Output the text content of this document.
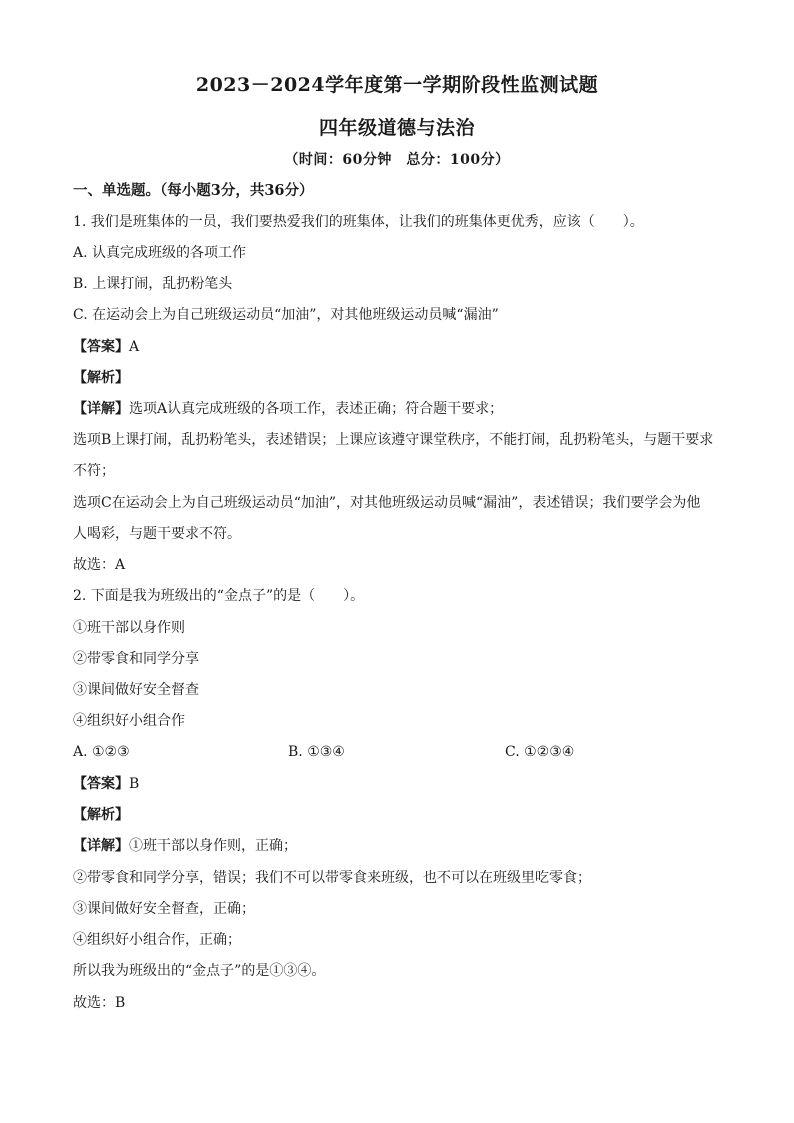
2023－2024学年度第一学期阶段性监测试题
四年级道德与法治
（时间：60分钟　总分：100分）
一、单选题。（每小题3分，共36分）
1. 我们是班集体的一员，我们要热爱我们的班集体，让我们的班集体更优秀，应该（　　）。
A. 认真完成班级的各项工作
B. 上课打闹，乱扔粉笔头
C. 在运动会上为自己班级运动员“加油”，对其他班级运动员喊“漏油”
【答案】A
【解析】
【详解】选项A认真完成班级的各项工作，表述正确；符合题干要求；
选项B上课打闹，乱扔粉笔头，表述错误；上课应该遵守课堂秩序，不能打闹，乱扔粉笔头，与题干要求
不符；
选项C在运动会上为自己班级运动员“加油”，对其他班级运动员喊“漏油”，表述错误；我们要学会为他
人喝彩，与题干要求不符。
故选：A
2. 下面是我为班级出的“金点子”的是（　　）。
①班干部以身作则
②带零食和同学分享
③课间做好安全督查
④组织好小组合作
A. ①②③	B. ①③④	C. ①②③④
【答案】B
【解析】
【详解】①班干部以身作则，正确；
②带零食和同学分享，错误；我们不可以带零食来班级，也不可以在班级里吃零食；
③课间做好安全督查，正确；
④组织好小组合作，正确；
所以我为班级出的“金点子”的是①③④。
故选：B
